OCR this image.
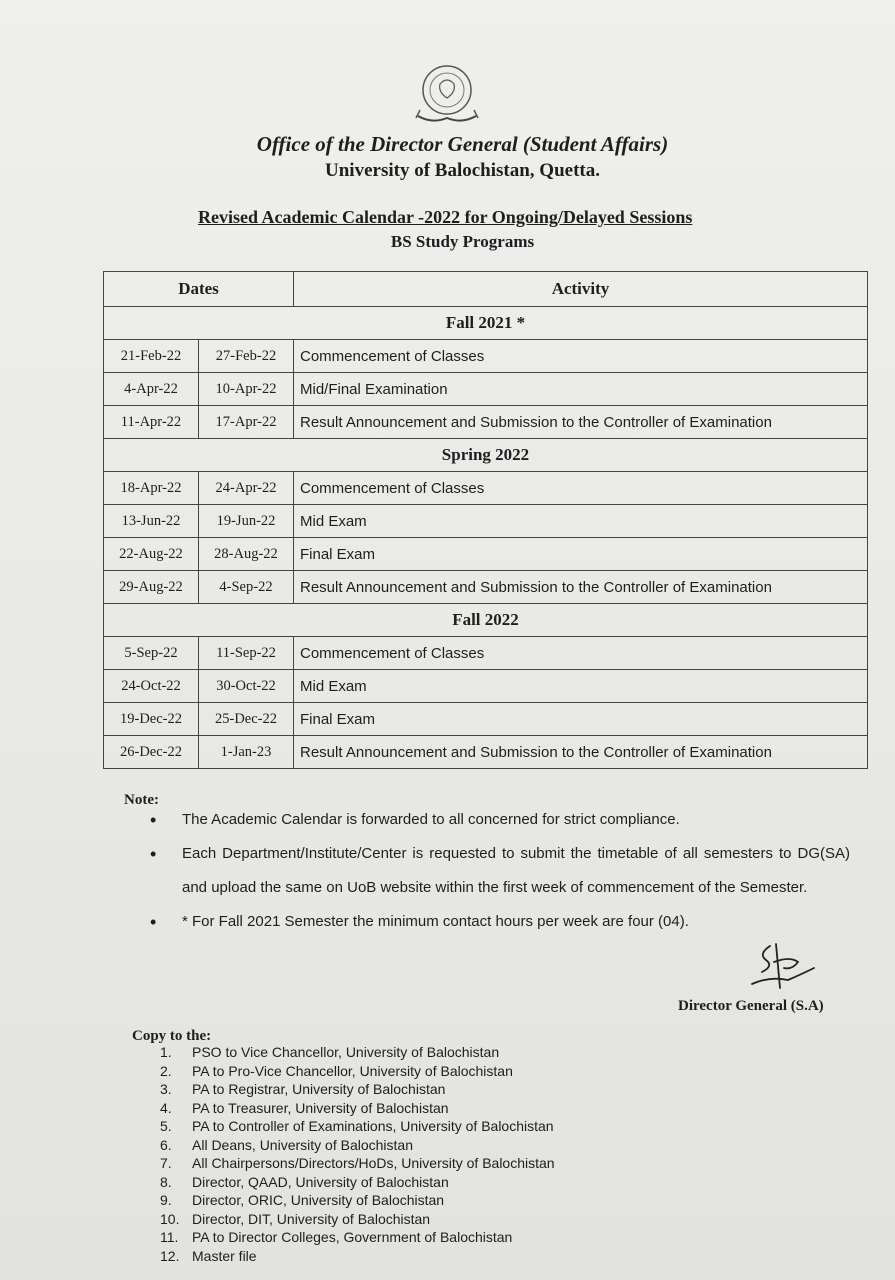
Office of the Director General (Student Affairs)
University of Balochistan, Quetta.
Revised Academic Calendar -2022 for Ongoing/Delayed Sessions
BS Study Programs
Dates		Activity
Fall 2021 *		
21-Feb-22	27-Feb-22	Commencement of Classes
4-Apr-22	10-Apr-22	Mid/Final Examination
11-Apr-22	17-Apr-22	Result Announcement and Submission to the Controller of Examination
Spring 2022		
18-Apr-22	24-Apr-22	Commencement of Classes
13-Jun-22	19-Jun-22	Mid Exam
22-Aug-22	28-Aug-22	Final Exam
29-Aug-22	4-Sep-22	Result Announcement and Submission to the Controller of Examination
Fall 2022		
5-Sep-22	11-Sep-22	Commencement of Classes
24-Oct-22	30-Oct-22	Mid Exam
19-Dec-22	25-Dec-22	Final Exam
26-Dec-22	1-Jan-23	Result Announcement and Submission to the Controller of Examination
Note:
• The Academic Calendar is forwarded to all concerned for strict compliance.
• Each Department/Institute/Center is requested to submit the timetable of all semesters to DG(SA) and upload the same on UoB website within the first week of commencement of the Semester.
• * For Fall 2021 Semester the minimum contact hours per week are four (04).
Director General (S.A)
Copy to the:
1. PSO to Vice Chancellor, University of Balochistan
2. PA to Pro-Vice Chancellor, University of Balochistan
3. PA to Registrar, University of Balochistan
4. PA to Treasurer, University of Balochistan
5. PA to Controller of Examinations, University of Balochistan
6. All Deans, University of Balochistan
7. All Chairpersons/Directors/HoDs, University of Balochistan
8. Director, QAAD, University of Balochistan
9. Director, ORIC, University of Balochistan
10. Director, DIT, University of Balochistan
11. PA to Director Colleges, Government of Balochistan
12. Master file
